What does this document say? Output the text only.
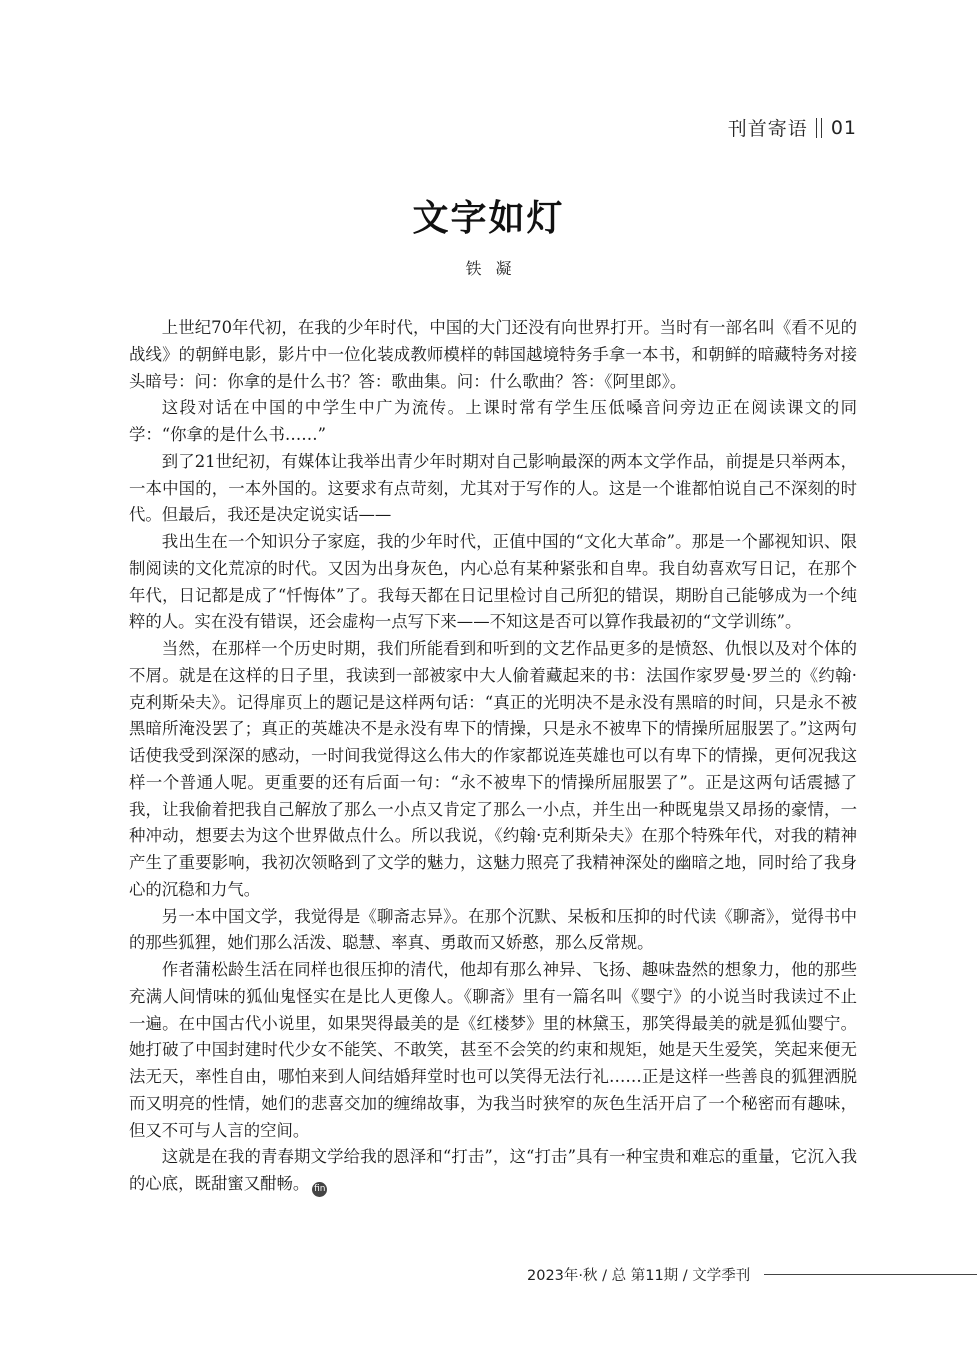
刊首寄语 01
文字如灯
铁凝

上世纪70年代初，在我的少年时代，中国的大门还没有向世界打开。当时有一部名叫《看不见的战线》的朝鲜电影，影片中一位化装成教师模样的韩国越境特务手拿一本书，和朝鲜的暗藏特务对接头暗号：问：你拿的是什么书？答：歌曲集。问：什么歌曲？答：《阿里郎》。

这段对话在中国的中学生中广为流传。上课时常有学生压低嗓音问旁边正在阅读课文的同学：“你拿的是什么书……”

到了21世纪初，有媒体让我举出青少年时期对自己影响最深的两本文学作品，前提是只举两本，一本中国的，一本外国的。这要求有点苛刻，尤其对于写作的人。这是一个谁都怕说自己不深刻的时代。但最后，我还是决定说实话——

我出生在一个知识分子家庭，我的少年时代，正值中国的“文化大革命”。那是一个鄙视知识、限制阅读的文化荒凉的时代。又因为出身灰色，内心总有某种紧张和自卑。我自幼喜欢写日记，在那个年代，日记都是成了“忏悔体”了。我每天都在日记里检讨自己所犯的错误，期盼自己能够成为一个纯粹的人。实在没有错误，还会虚构一点写下来——不知这是否可以算作我最初的“文学训练”。

当然，在那样一个历史时期，我们所能看到和听到的文艺作品更多的是愤怒、仇恨以及对个体的不屑。就是在这样的日子里，我读到一部被家中大人偷着藏起来的书：法国作家罗曼·罗兰的《约翰·克利斯朵夫》。记得扉页上的题记是这样两句话：“真正的光明决不是永没有黑暗的时间，只是永不被黑暗所淹没罢了；真正的英雄决不是永没有卑下的情操，只是永不被卑下的情操所屈服罢了。”这两句话使我受到深深的感动，一时间我觉得这么伟大的作家都说连英雄也可以有卑下的情操，更何况我这样一个普通人呢。更重要的还有后面一句：“永不被卑下的情操所屈服罢了”。正是这两句话震撼了我，让我偷着把我自己解放了那么一小点又肯定了那么一小点，并生出一种既鬼祟又昂扬的豪情，一种冲动，想要去为这个世界做点什么。所以我说，《约翰·克利斯朵夫》在那个特殊年代，对我的精神产生了重要影响，我初次领略到了文学的魅力，这魅力照亮了我精神深处的幽暗之地，同时给了我身心的沉稳和力气。

另一本中国文学，我觉得是《聊斋志异》。在那个沉默、呆板和压抑的时代读《聊斋》，觉得书中的那些狐狸，她们那么活泼、聪慧、率真、勇敢而又娇憨，那么反常规。

作者蒲松龄生活在同样也很压抑的清代，他却有那么神异、飞扬、趣味盎然的想象力，他的那些充满人间情味的狐仙鬼怪实在是比人更像人。《聊斋》里有一篇名叫《婴宁》的小说当时我读过不止一遍。在中国古代小说里，如果哭得最美的是《红楼梦》里的林黛玉，那笑得最美的就是狐仙婴宁。她打破了中国封建时代少女不能笑、不敢笑，甚至不会笑的约束和规矩，她是天生爱笑，笑起来便无法无天，率性自由，哪怕来到人间结婚拜堂时也可以笑得无法行礼……正是这样一些善良的狐狸洒脱而又明亮的性情，她们的悲喜交加的缠绵故事，为我当时狭窄的灰色生活开启了一个秘密而有趣味，但又不可与人言的空间。

这就是在我的青春期文学给我的恩泽和“打击”，这“打击”具有一种宝贵和难忘的重量，它沉入我的心底，既甜蜜又酣畅。 fin

2023年·秋 / 总 第11期 / 文学季刊
